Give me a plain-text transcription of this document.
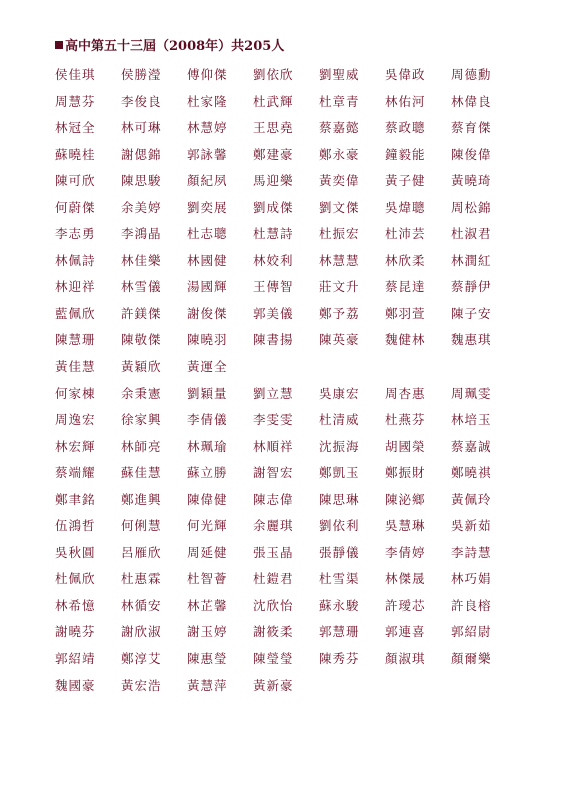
高中第五十三屆（2008年）共205人
侯佳琪 侯勝瀅 傅仰傑 劉依欣 劉聖威 吳偉政 周德勳
周慧芬 李俊良 杜家隆 杜武輝 杜章青 林佑河 林偉良
林冠全 林可琳 林慧婷 王思堯 蔡嘉懿 蔡政聰 蔡育傑
蘇曉桂 謝偲錦 郭詠馨 鄭建豪 鄭永豪 鐘毅能 陳俊偉
陳可欣 陳思駿 顏紀夙 馬迎樂 黃奕偉 黃子健 黃曉琦
何蔚傑 余美婷 劉奕展 劉成傑 劉文傑 吳煒聰 周松錦
李志勇 李鴻晶 杜志聰 杜慧詩 杜振宏 杜沛芸 杜淑君
林佩詩 林佳樂 林國健 林姣利 林慧慧 林欣柔 林潤紅
林迎祥 林雪儀 湯國輝 王傳智 莊文升 蔡昆達 蔡靜伊
藍佩欣 許鎂傑 謝俊傑 郭美儀 鄭予荔 鄭羽萱 陳子安
陳慧珊 陳敬傑 陳曉羽 陳書揚 陳英豪 魏健林 魏惠琪
黃佳慧 黃穎欣 黃運全
何家棟 余秉憲 劉穎量 劉立慧 吳康宏 周杏惠 周珮雯
周逸宏 徐家興 李倩儀 李雯雯 杜清威 杜燕芬 林培玉
林宏輝 林師亮 林珮瑜 林順祥 沈振海 胡國榮 蔡嘉誠
蔡端耀 蘇佳慧 蘇立勝 謝智宏 鄭凱玉 鄭振財 鄭曉祺
鄭聿銘 鄭進興 陳偉健 陳志偉 陳思琳 陳泌鄉 黃佩玲
伍鴻哲 何俐慧 何光輝 余麗琪 劉依利 吳慧琳 吳新茹
吳秋圓 呂雁欣 周延健 張玉晶 張靜儀 李倩婷 李詩慧
杜佩欣 杜惠霖 杜智薈 杜鎧君 杜雪渠 林傑晟 林巧娟
林希憶 林循安 林芷馨 沈欣怡 蘇永駿 許璦芯 許良榕
謝曉芬 謝欣淑 謝玉婷 謝筱柔 郭慧珊 郭連喜 郭紹尉
郭紹靖 鄭淳艾 陳惠瑩 陳瑩瑩 陳秀芬 顏淑琪 顏爾樂
魏國豪 黃宏浩 黃慧萍 黃新豪
